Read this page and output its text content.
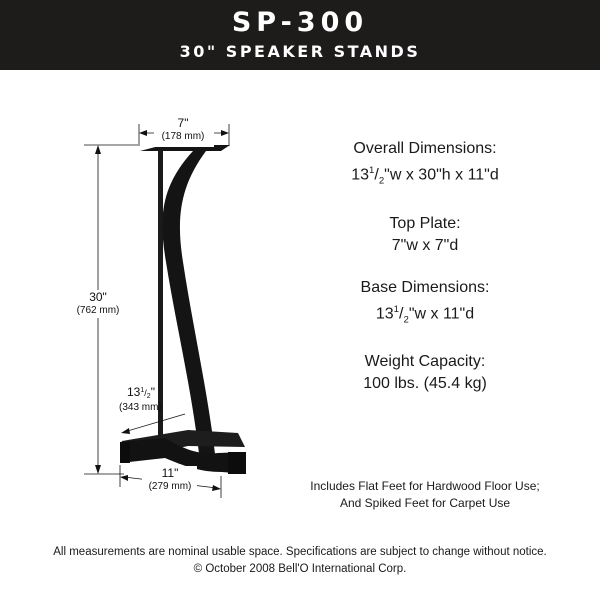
SP-300
30" SPEAKER STANDS
7"
(178 mm)
30"
(762 mm)
$13^1_/2$"
(343 mm)
11"
(279 mm)
Overall Dimensions:
$13^1/_2"w$ x 30"h x 11"d
Top Plate:
7"w x 7"d
Base Dimensions:
$13^1/_2"w$ x 11"d
Weight Capacity:
100 lbs. (45.4 kg)
Includes Flat Feet for Hardwood Floor Use;
And Spiked Feet for Carpet Use
All measurements are nominal usable space. Specifications are subject to change without notice.
© October 2008 Bell'O International Corp.
